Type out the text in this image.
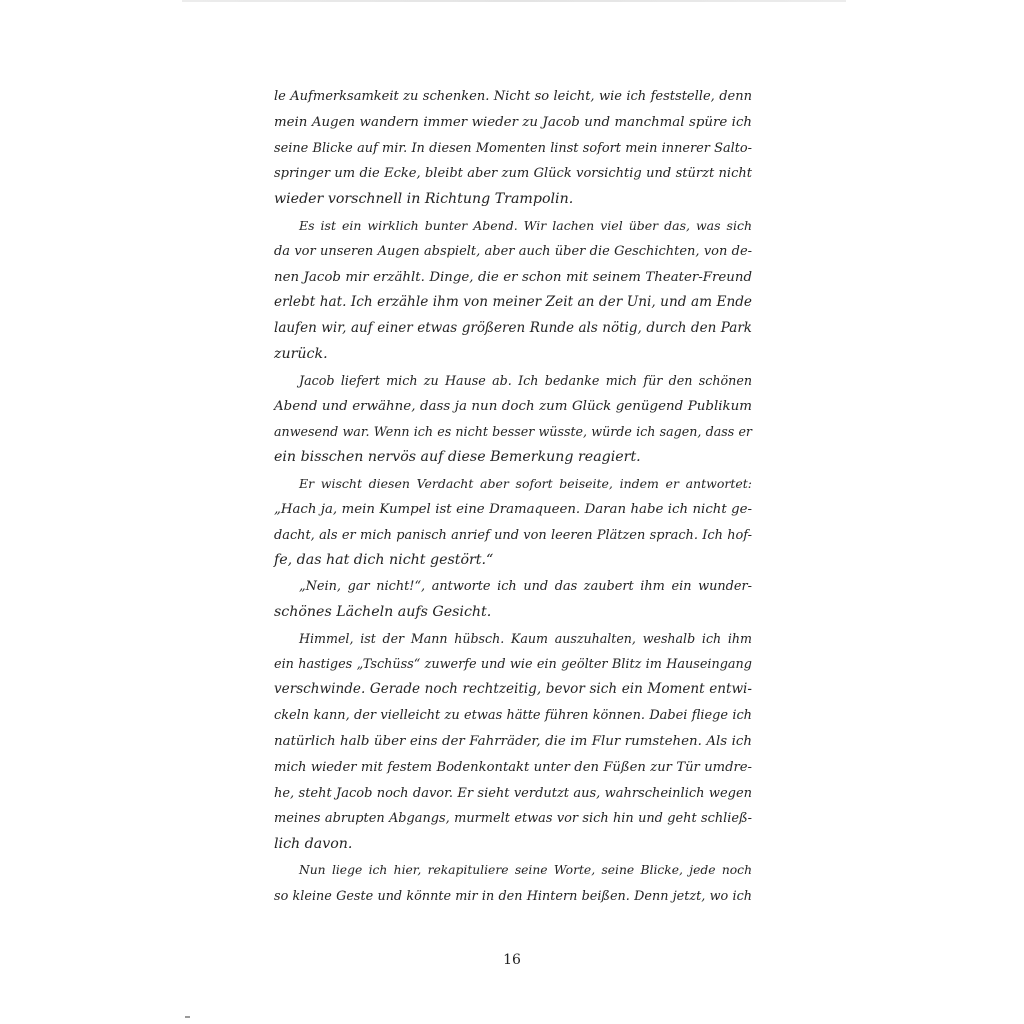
le Aufmerksamkeit zu schenken. Nicht so leicht, wie ich feststelle, denn
mein Augen wandern immer wieder zu Jacob und manchmal spüre ich
seine Blicke auf mir. In diesen Momenten linst sofort mein innerer Salto-
springer um die Ecke, bleibt aber zum Glück vorsichtig und stürzt nicht
wieder vorschnell in Richtung Trampolin.
Es ist ein wirklich bunter Abend. Wir lachen viel über das, was sich
da vor unseren Augen abspielt, aber auch über die Geschichten, von de-
nen Jacob mir erzählt. Dinge, die er schon mit seinem Theater-Freund
erlebt hat. Ich erzähle ihm von meiner Zeit an der Uni, und am Ende
laufen wir, auf einer etwas größeren Runde als nötig, durch den Park
zurück.
Jacob liefert mich zu Hause ab. Ich bedanke mich für den schönen
Abend und erwähne, dass ja nun doch zum Glück genügend Publikum
anwesend war. Wenn ich es nicht besser wüsste, würde ich sagen, dass er
ein bisschen nervös auf diese Bemerkung reagiert.
Er wischt diesen Verdacht aber sofort beiseite, indem er antwortet:
„Hach ja, mein Kumpel ist eine Dramaqueen. Daran habe ich nicht ge-
dacht, als er mich panisch anrief und von leeren Plätzen sprach. Ich hof-
fe, das hat dich nicht gestört.“
„Nein, gar nicht!“, antworte ich und das zaubert ihm ein wunder-
schönes Lächeln aufs Gesicht.
Himmel, ist der Mann hübsch. Kaum auszuhalten, weshalb ich ihm
ein hastiges „Tschüss“ zuwerfe und wie ein geölter Blitz im Hauseingang
verschwinde. Gerade noch rechtzeitig, bevor sich ein Moment entwi-
ckeln kann, der vielleicht zu etwas hätte führen können. Dabei fliege ich
natürlich halb über eins der Fahrräder, die im Flur rumstehen. Als ich
mich wieder mit festem Bodenkontakt unter den Füßen zur Tür umdre-
he, steht Jacob noch davor. Er sieht verdutzt aus, wahrscheinlich wegen
meines abrupten Abgangs, murmelt etwas vor sich hin und geht schließ-
lich davon.
Nun liege ich hier, rekapituliere seine Worte, seine Blicke, jede noch
so kleine Geste und könnte mir in den Hintern beißen. Denn jetzt, wo ich
16
